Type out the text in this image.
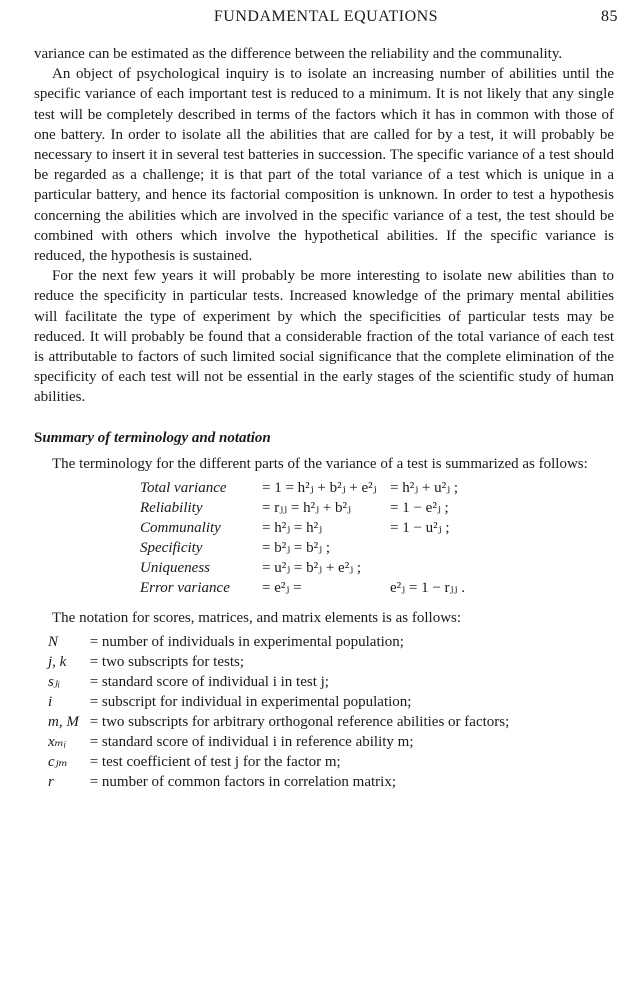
FUNDAMENTAL EQUATIONS	85

variance can be estimated as the difference between the reliability and the communality.

An object of psychological inquiry is to isolate an increasing number of abilities until the specific variance of each important test is reduced to a minimum. It is not likely that any single test will be completely described in terms of the factors which it has in common with those of one battery. In order to isolate all the abilities that are called for by a test, it will probably be necessary to insert it in several test batteries in succession. The specific variance of a test should be regarded as a challenge; it is that part of the total variance of a test which is unique in a particular battery, and hence its factorial composition is unknown. In order to test a hypothesis concerning the abilities which are involved in the specific variance of a test, the test should be combined with others which involve the hypothetical abilities. If the specific variance is reduced, the hypothesis is sustained.

For the next few years it will probably be more interesting to isolate new abilities than to reduce the specificity in particular tests. Increased knowledge of the primary mental abilities will facilitate the type of experiment by which the specificities of particular tests may be reduced. It will probably be found that a considerable fraction of the total variance of each test is attributable to factors of such limited social significance that the complete elimination of the specificity of each test will not be essential in the early stages of the scientific study of human abilities.

Summary of terminology and notation

The terminology for the different parts of the variance of a test is summarized as follows:

Total variance	= 1 = h²ⱼ + b²ⱼ + e²ⱼ	= h²ⱼ + u²ⱼ ;
Reliability	= rⱼⱼ = h²ⱼ + b²ⱼ	= 1 − e²ⱼ ;
Communality	= h²ⱼ = h²ⱼ	= 1 − u²ⱼ ;
Specificity	= b²ⱼ = b²ⱼ ;	
Uniqueness	= u²ⱼ = b²ⱼ + e²ⱼ ;	
Error variance	= e²ⱼ =	e²ⱼ = 1 − rⱼⱼ .

The notation for scores, matrices, and matrix elements is as follows:

N	= number of individuals in experimental population;
j, k	= two subscripts for tests;
sⱼᵢ	= standard score of individual i in test j;
i	= subscript for individual in experimental population;
m, M	= two subscripts for arbitrary orthogonal reference abilities or factors;
xₘᵢ	= standard score of individual i in reference ability m;
cⱼₘ	= test coefficient of test j for the factor m;
r	= number of common factors in correlation matrix;
